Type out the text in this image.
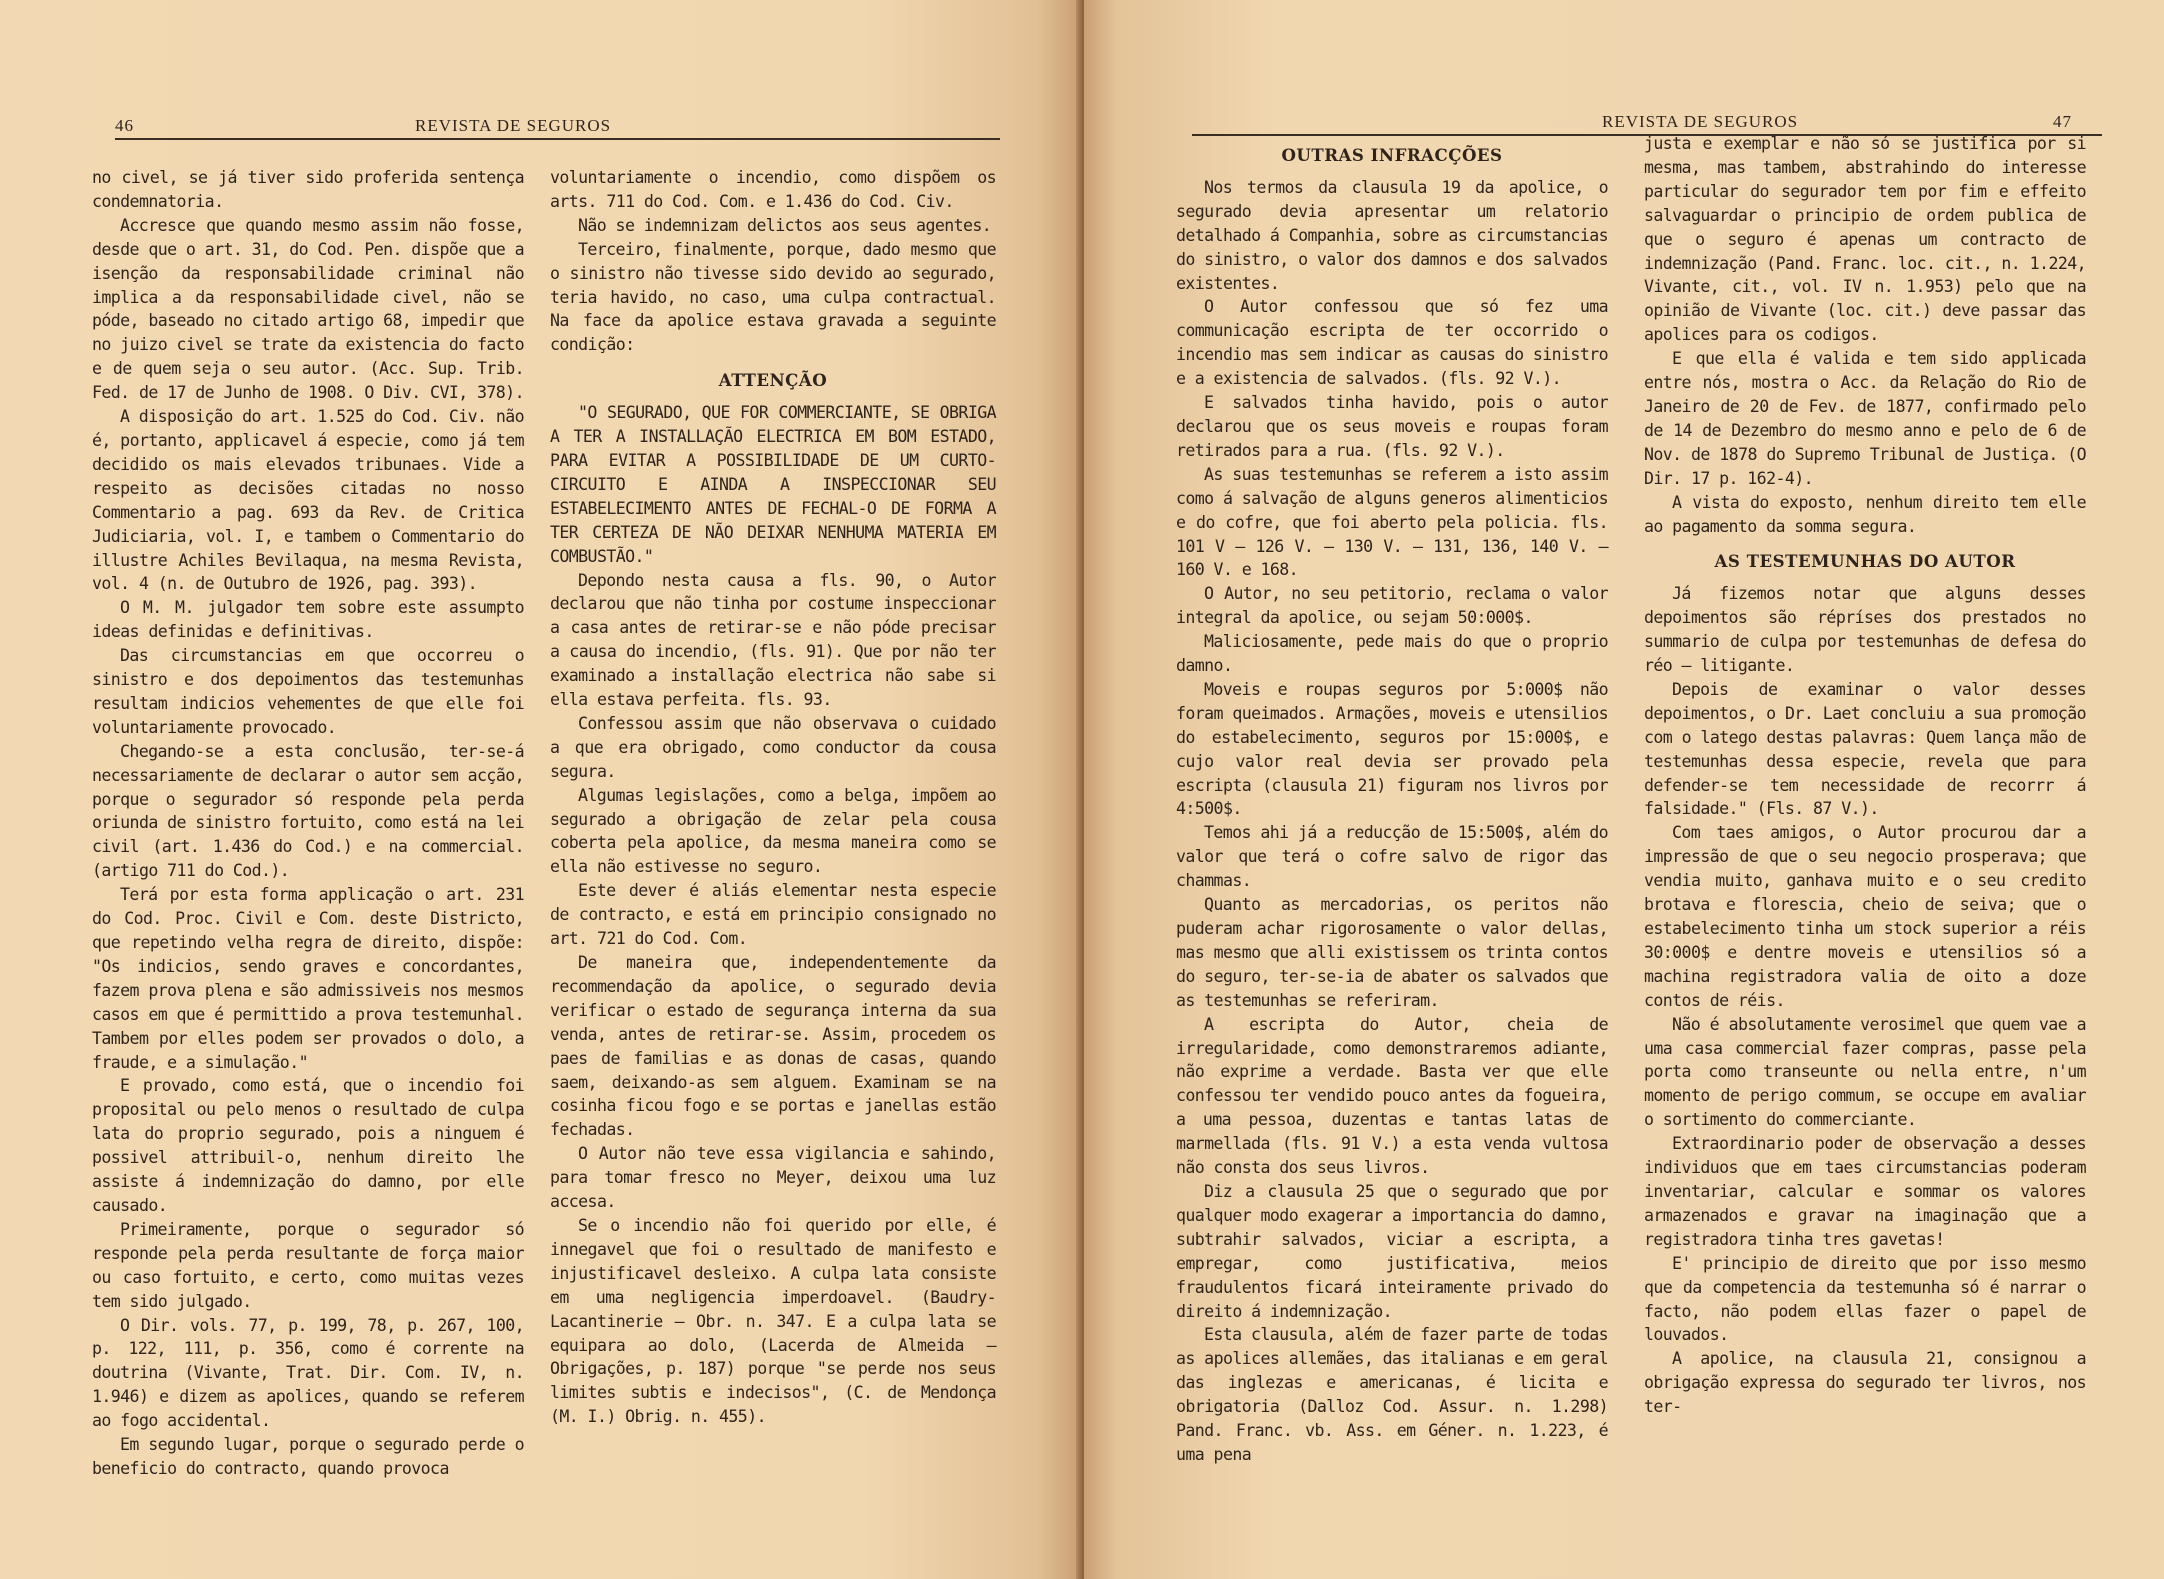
46	REVISTA DE SEGUROS

no civel, se já tiver sido proferida sentença condemnatoria.

Accresce que quando mesmo assim não fosse, desde que o art. 31, do Cod. Pen. dispõe que a isenção da responsabilidade criminal não implica a da responsabilidade civel, não se póde, baseado no citado artigo 68, impedir que no juizo civel se trate da existencia do facto e de quem seja o seu autor. (Acc. Sup. Trib. Fed. de 17 de Junho de 1908. O Div. CVI, 378).

A disposição do art. 1.525 do Cod. Civ. não é, portanto, applicavel á especie, como já tem decidido os mais elevados tribunaes. Vide a respeito as decisões citadas no nosso Commentario a pag. 693 da Rev. de Critica Judiciaria, vol. I, e tambem o Commentario do illustre Achiles Bevilaqua, na mesma Revista, vol. 4 (n. de Outubro de 1926, pag. 393).

O M. M. julgador tem sobre este assumpto ideas definidas e definitivas.

Das circumstancias em que occorreu o sinistro e dos depoimentos das testemunhas resultam indicios vehementes de que elle foi voluntariamente provocado.

Chegando-se a esta conclusão, ter-se-á necessariamente de declarar o autor sem acção, porque o segurador só responde pela perda oriunda de sinistro fortuito, como está na lei civil (art. 1.436 do Cod.) e na commercial. (artigo 711 do Cod.).

Terá por esta forma applicação o art. 231 do Cod. Proc. Civil e Com. deste Districto, que repetindo velha regra de direito, dispõe: "Os indicios, sendo graves e concordantes, fazem prova plena e são admissiveis nos mesmos casos em que é permittido a prova testemunhal. Tambem por elles podem ser provados o dolo, a fraude, e a simulação."

E provado, como está, que o incendio foi proposital ou pelo menos o resultado de culpa lata do proprio segurado, pois a ninguem é possivel attribuil-o, nenhum direito lhe assiste á indemnização do damno, por elle causado.

Primeiramente, porque o segurador só responde pela perda resultante de força maior ou caso fortuito, e certo, como muitas vezes tem sido julgado.

O Dir. vols. 77, p. 199, 78, p. 267, 100, p. 122, 111, p. 356, como é corrente na doutrina (Vivante, Trat. Dir. Com. IV, n. 1.946) e dizem as apolices, quando se referem ao fogo accidental.

Em segundo lugar, porque o segurado perde o beneficio do contracto, quando provoca

voluntariamente o incendio, como dispõem os arts. 711 do Cod. Com. e 1.436 do Cod. Civ.

Não se indemnizam delictos aos seus agentes.

Terceiro, finalmente, porque, dado mesmo que o sinistro não tivesse sido devido ao segurado, teria havido, no caso, uma culpa contractual. Na face da apolice estava gravada a seguinte condição:

ATTENÇÃO

"O SEGURADO, QUE FOR COMMERCIANTE, SE OBRIGA A TER A INSTALLAÇÃO ELECTRICA EM BOM ESTADO, PARA EVITAR A POSSIBILIDADE DE UM CURTO-CIRCUITO E AINDA A INSPECCIONAR SEU ESTABELECIMENTO ANTES DE FECHAL-O DE FORMA A TER CERTEZA DE NÃO DEIXAR NENHUMA MATERIA EM COMBUSTÃO."

Depondo nesta causa a fls. 90, o Autor declarou que não tinha por costume inspeccionar a casa antes de retirar-se e não póde precisar a causa do incendio, (fls. 91). Que por não ter examinado a installação electrica não sabe si ella estava perfeita. fls. 93.

Confessou assim que não observava o cuidado a que era obrigado, como conductor da cousa segura.

Algumas legislações, como a belga, impõem ao segurado a obrigação de zelar pela cousa coberta pela apolice, da mesma maneira como se ella não estivesse no seguro.

Este dever é aliás elementar nesta especie de contracto, e está em principio consignado no art. 721 do Cod. Com.

De maneira que, independentemente da recommendação da apolice, o segurado devia verificar o estado de segurança interna da sua venda, antes de retirar-se. Assim, procedem os paes de familias e as donas de casas, quando saem, deixando-as sem alguem. Examinam se na cosinha ficou fogo e se portas e janellas estão fechadas.

O Autor não teve essa vigilancia e sahindo, para tomar fresco no Meyer, deixou uma luz accesa.

Se o incendio não foi querido por elle, é innegavel que foi o resultado de manifesto e injustificavel desleixo. A culpa lata consiste em uma negligencia imperdoavel. (Baudry-Lacantinerie — Obr. n. 347. E a culpa lata se equipara ao dolo, (Lacerda de Almeida — Obrigações, p. 187) porque "se perde nos seus limites subtis e indecisos", (C. de Mendonça (M. I.) Obrig. n. 455).

REVISTA DE SEGUROS	47
OUTRAS INFRACÇÕES

Nos termos da clausula 19 da apolice, o segurado devia apresentar um relatorio detalhado á Companhia, sobre as circumstancias do sinistro, o valor dos damnos e dos salvados existentes.

O Autor confessou que só fez uma communicação escripta de ter occorrido o incendio mas sem indicar as causas do sinistro e a existencia de salvados. (fls. 92 V.).

E salvados tinha havido, pois o autor declarou que os seus moveis e roupas foram retirados para a rua. (fls. 92 V.).

As suas testemunhas se referem a isto assim como á salvação de alguns generos alimenticios e do cofre, que foi aberto pela policia. fls. 101 V — 126 V. — 130 V. — 131, 136, 140 V. — 160 V. e 168.

O Autor, no seu petitorio, reclama o valor integral da apolice, ou sejam 50:000$.

Maliciosamente, pede mais do que o proprio damno.

Moveis e roupas seguros por 5:000$ não foram queimados. Armações, moveis e utensilios do estabelecimento, seguros por 15:000$, e cujo valor real devia ser provado pela escripta (clausula 21) figuram nos livros por 4:500$.

Temos ahi já a reducção de 15:500$, além do valor que terá o cofre salvo de rigor das chammas.

Quanto as mercadorias, os peritos não puderam achar rigorosamente o valor dellas, mas mesmo que alli existissem os trinta contos do seguro, ter-se-ia de abater os salvados que as testemunhas se referiram.

A escripta do Autor, cheia de irregularidade, como demonstraremos adiante, não exprime a verdade. Basta ver que elle confessou ter vendido pouco antes da fogueira, a uma pessoa, duzentas e tantas latas de marmellada (fls. 91 V.) a esta venda vultosa não consta dos seus livros.

Diz a clausula 25 que o segurado que por qualquer modo exagerar a importancia do damno, subtrahir salvados, viciar a escripta, a empregar, como justificativa, meios fraudulentos ficará inteiramente privado do direito á indemnização.

Esta clausula, além de fazer parte de todas as apolices allemães, das italianas e em geral das inglezas e americanas, é licita e obrigatoria (Dalloz Cod. Assur. n. 1.298) Pand. Franc. vb. Ass. em Géner. n. 1.223, é uma pena

justa e exemplar e não só se justifica por si mesma, mas tambem, abstrahindo do interesse particular do segurador tem por fim e effeito salvaguardar o principio de ordem publica de que o seguro é apenas um contracto de indemnização (Pand. Franc. loc. cit., n. 1.224, Vivante, cit., vol. IV n. 1.953) pelo que na opinião de Vivante (loc. cit.) deve passar das apolices para os codigos.

E que ella é valida e tem sido applicada entre nós, mostra o Acc. da Relação do Rio de Janeiro de 20 de Fev. de 1877, confirmado pelo de 14 de Dezembro do mesmo anno e pelo de 6 de Nov. de 1878 do Supremo Tribunal de Justiça. (O Dir. 17 p. 162-4).

A vista do exposto, nenhum direito tem elle ao pagamento da somma segura.

AS TESTEMUNHAS DO AUTOR

Já fizemos notar que alguns desses depoimentos são répríses dos prestados no summario de culpa por testemunhas de defesa do réo — litigante.

Depois de examinar o valor desses depoimentos, o Dr. Laet concluiu a sua promoção com o latego destas palavras: Quem lança mão de testemunhas dessa especie, revela que para defender-se tem necessidade de recorrr á falsidade." (Fls. 87 V.).

Com taes amigos, o Autor procurou dar a impressão de que o seu negocio prosperava; que vendia muito, ganhava muito e o seu credito brotava e florescia, cheio de seiva; que o estabelecimento tinha um stock superior a réis 30:000$ e dentre moveis e utensilios só a machina registradora valia de oito a doze contos de réis.

Não é absolutamente verosimel que quem vae a uma casa commercial fazer compras, passe pela porta como transeunte ou nella entre, n'um momento de perigo commum, se occupe em avaliar o sortimento do commerciante.

Extraordinario poder de observação a desses individuos que em taes circumstancias poderam inventariar, calcular e sommar os valores armazenados e gravar na imaginação que a registradora tinha tres gavetas!

E' principio de direito que por isso mesmo que da competencia da testemunha só é narrar o facto, não podem ellas fazer o papel de louvados.

A apolice, na clausula 21, consignou a obrigação expressa do segurado ter livros, nos ter-
